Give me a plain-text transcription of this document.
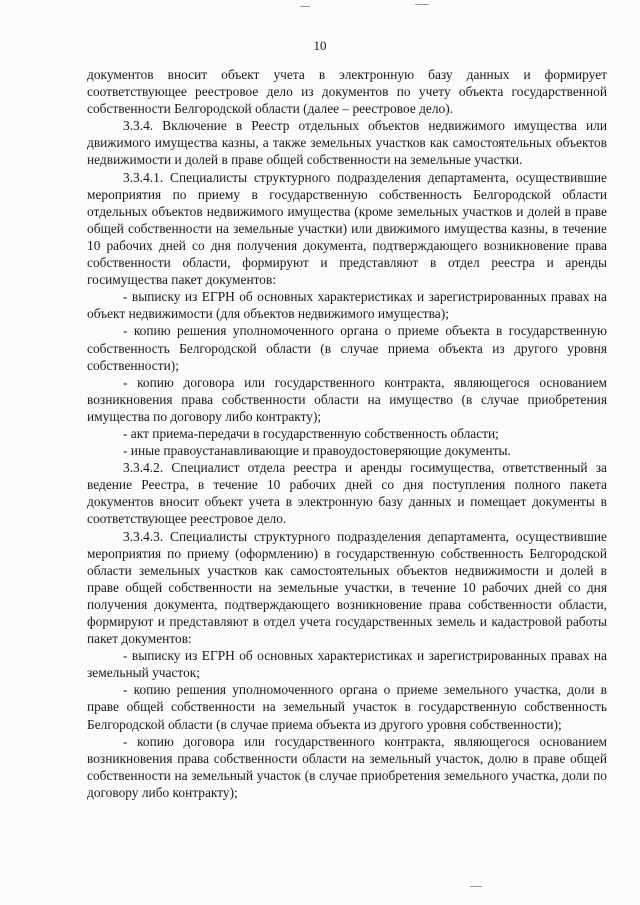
10

документов вносит объект учета в электронную базу данных и формирует соответствующее реестровое дело из документов по учету объекта государственной собственности Белгородской области (далее – реестровое дело).

3.3.4. Включение в Реестр отдельных объектов недвижимого имущества или движимого имущества казны, а также земельных участков как самостоятельных объектов недвижимости и долей в праве общей собственности на земельные участки.

3.3.4.1. Специалисты структурного подразделения департамента, осуществившие мероприятия по приему в государственную собственность Белгородской области отдельных объектов недвижимого имущества (кроме земельных участков и долей в праве общей собственности на земельные участки) или движимого имущества казны, в течение 10 рабочих дней со дня получения документа, подтверждающего возникновение права собственности области, формируют и представляют в отдел реестра и аренды госимущества пакет документов:

- выписку из ЕГРН об основных характеристиках и зарегистрированных правах на объект недвижимости (для объектов недвижимого имущества);

- копию решения уполномоченного органа о приеме объекта в государственную собственность Белгородской области (в случае приема объекта из другого уровня собственности);

- копию договора или государственного контракта, являющегося основанием возникновения права собственности области на имущество (в случае приобретения имущества по договору либо контракту);

- акт приема-передачи в государственную собственность области;

- иные правоустанавливающие и правоудостоверяющие документы.

3.3.4.2. Специалист отдела реестра и аренды госимущества, ответственный за ведение Реестра, в течение 10 рабочих дней со дня поступления полного пакета документов вносит объект учета в электронную базу данных и помещает документы в соответствующее реестровое дело.

3.3.4.3. Специалисты структурного подразделения департамента, осуществившие мероприятия по приему (оформлению) в государственную собственность Белгородской области земельных участков как самостоятельных объектов недвижимости и долей в праве общей собственности на земельные участки, в течение 10 рабочих дней со дня получения документа, подтверждающего возникновение права собственности области, формируют и представляют в отдел учета государственных земель и кадастровой работы пакет документов:

- выписку из ЕГРН об основных характеристиках и зарегистрированных правах на земельный участок;

- копию решения уполномоченного органа о приеме земельного участка, доли в праве общей собственности на земельный участок в государственную собственность Белгородской области (в случае приема объекта из другого уровня собственности);

- копию договора или государственного контракта, являющегося основанием возникновения права собственности области на земельный участок, долю в праве общей собственности на земельный участок (в случае приобретения земельного участка, доли по договору либо контракту);
